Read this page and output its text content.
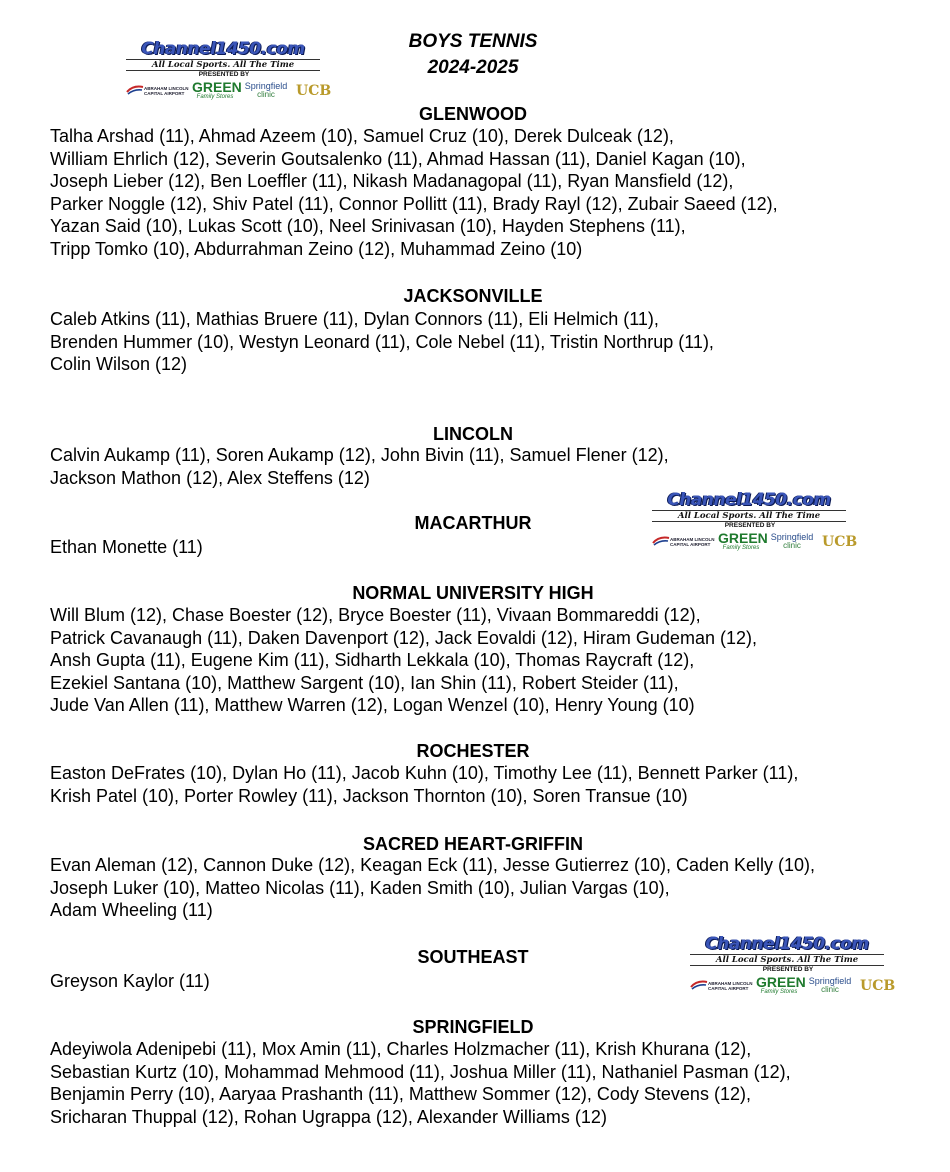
BOYS TENNIS
2024-2025
Channel1450.com
All Local Sports. All The Time
PRESENTED BY
ABRAHAM LINCOLN CAPITAL AIRPORT GREEN
Family Stores
Springfield
clinic	UCB
Channel1450.com
All Local Sports. All The Time
PRESENTED BY
ABRAHAM LINCOLN CAPITAL AIRPORT GREEN
Family Stores
Springfield
clinic	UCB
Channel1450.com
All Local Sports. All The Time
PRESENTED BY
ABRAHAM LINCOLN CAPITAL AIRPORT GREEN
Family Stores
Springfield
clinic	UCB
GLENWOOD
Talha Arshad (11), Ahmad Azeem (10), Samuel Cruz (10), Derek Dulceak (12),
William Ehrlich (12), Severin Goutsalenko (11), Ahmad Hassan (11), Daniel Kagan (10),
Joseph Lieber (12), Ben Loeffler (11), Nikash Madanagopal (11), Ryan Mansfield (12),
Parker Noggle (12), Shiv Patel (11), Connor Pollitt (11), Brady Rayl (12), Zubair Saeed (12),
Yazan Said (10), Lukas Scott (10), Neel Srinivasan (10), Hayden Stephens (11),
Tripp Tomko (10), Abdurrahman Zeino (12), Muhammad Zeino (10)
JACKSONVILLE
Caleb Atkins (11), Mathias Bruere (11), Dylan Connors (11), Eli Helmich (11),
Brenden Hummer (10), Westyn Leonard (11), Cole Nebel (11), Tristin Northrup (11),
Colin Wilson (12)
LINCOLN
Calvin Aukamp (11), Soren Aukamp (12), John Bivin (11), Samuel Flener (12),
Jackson Mathon (12), Alex Steffens (12)
MACARTHUR
Ethan Monette (11)
NORMAL UNIVERSITY HIGH
Will Blum (12), Chase Boester (12), Bryce Boester (11), Vivaan Bommareddi (12),
Patrick Cavanaugh (11), Daken Davenport (12), Jack Eovaldi (12), Hiram Gudeman (12),
Ansh Gupta (11), Eugene Kim (11), Sidharth Lekkala (10), Thomas Raycraft (12),
Ezekiel Santana (10), Matthew Sargent (10), Ian Shin (11), Robert Steider (11),
Jude Van Allen (11), Matthew Warren (12), Logan Wenzel (10), Henry Young (10)
ROCHESTER
Easton DeFrates (10), Dylan Ho (11), Jacob Kuhn (10), Timothy Lee (11), Bennett Parker (11),
Krish Patel (10), Porter Rowley (11), Jackson Thornton (10), Soren Transue (10)
SACRED HEART-GRIFFIN
Evan Aleman (12), Cannon Duke (12), Keagan Eck (11), Jesse Gutierrez (10), Caden Kelly (10),
Joseph Luker (10), Matteo Nicolas (11), Kaden Smith (10), Julian Vargas (10),
Adam Wheeling (11)
SOUTHEAST
Greyson Kaylor (11)
SPRINGFIELD
Adeyiwola Adenipebi (11), Mox Amin (11), Charles Holzmacher (11), Krish Khurana (12),
Sebastian Kurtz (10), Mohammad Mehmood (11), Joshua Miller (11), Nathaniel Pasman (12),
Benjamin Perry (10), Aaryaa Prashanth (11), Matthew Sommer (12), Cody Stevens (12),
Sricharan Thuppal (12), Rohan Ugrappa (12), Alexander Williams (12)
